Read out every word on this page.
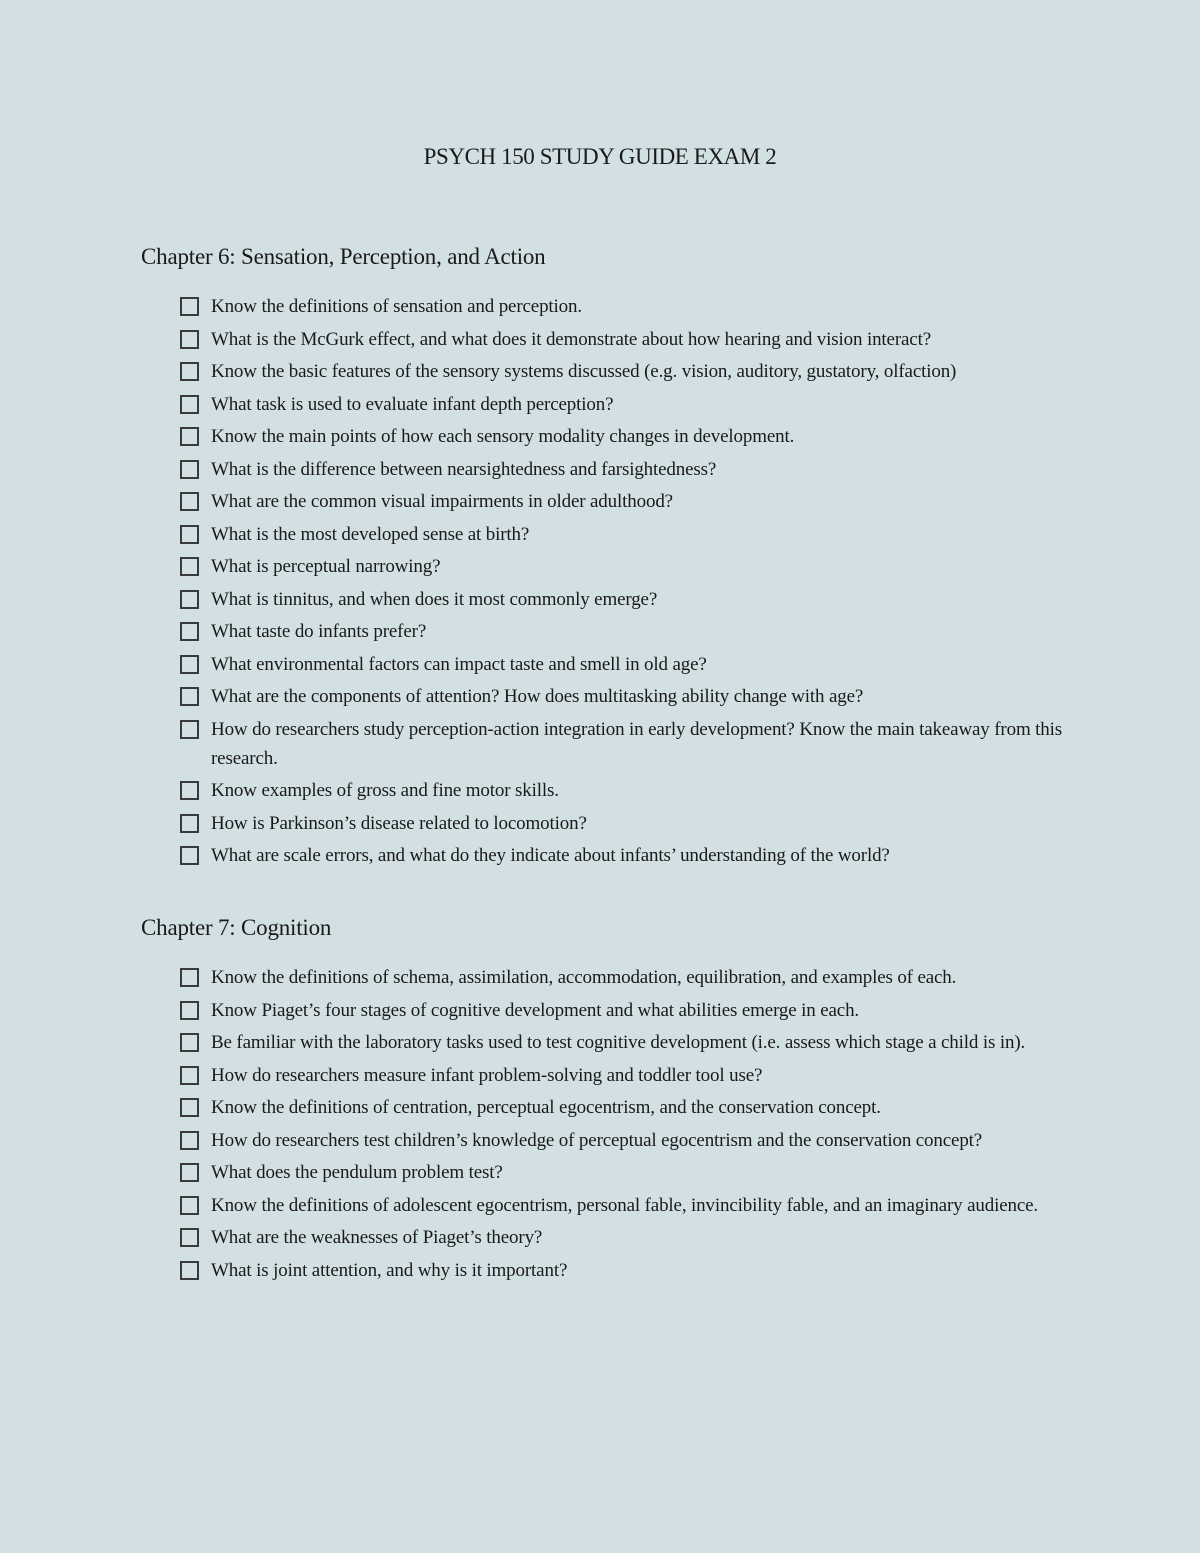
PSYCH 150 STUDY GUIDE EXAM 2
Chapter 6: Sensation, Perception, and Action
Know the definitions of sensation and perception.
What is the McGurk effect, and what does it demonstrate about how hearing and vision interact?
Know the basic features of the sensory systems discussed (e.g. vision, auditory, gustatory, olfaction)
What task is used to evaluate infant depth perception?
Know the main points of how each sensory modality changes in development.
What is the difference between nearsightedness and farsightedness?
What are the common visual impairments in older adulthood?
What is the most developed sense at birth?
What is perceptual narrowing?
What is tinnitus, and when does it most commonly emerge?
What taste do infants prefer?
What environmental factors can impact taste and smell in old age?
What are the components of attention? How does multitasking ability change with age?
How do researchers study perception-action integration in early development? Know the main takeaway from this research.
Know examples of gross and fine motor skills.
How is Parkinson’s disease related to locomotion?
What are scale errors, and what do they indicate about infants’ understanding of the world?
Chapter 7: Cognition
Know the definitions of schema, assimilation, accommodation, equilibration, and examples of each.
Know Piaget’s four stages of cognitive development and what abilities emerge in each.
Be familiar with the laboratory tasks used to test cognitive development (i.e. assess which stage a child is in).
How do researchers measure infant problem-solving and toddler tool use?
Know the definitions of centration, perceptual egocentrism, and the conservation concept.
How do researchers test children’s knowledge of perceptual egocentrism and the conservation concept?
What does the pendulum problem test?
Know the definitions of adolescent egocentrism, personal fable, invincibility fable, and an imaginary audience.
What are the weaknesses of Piaget’s theory?
What is joint attention, and why is it important?
